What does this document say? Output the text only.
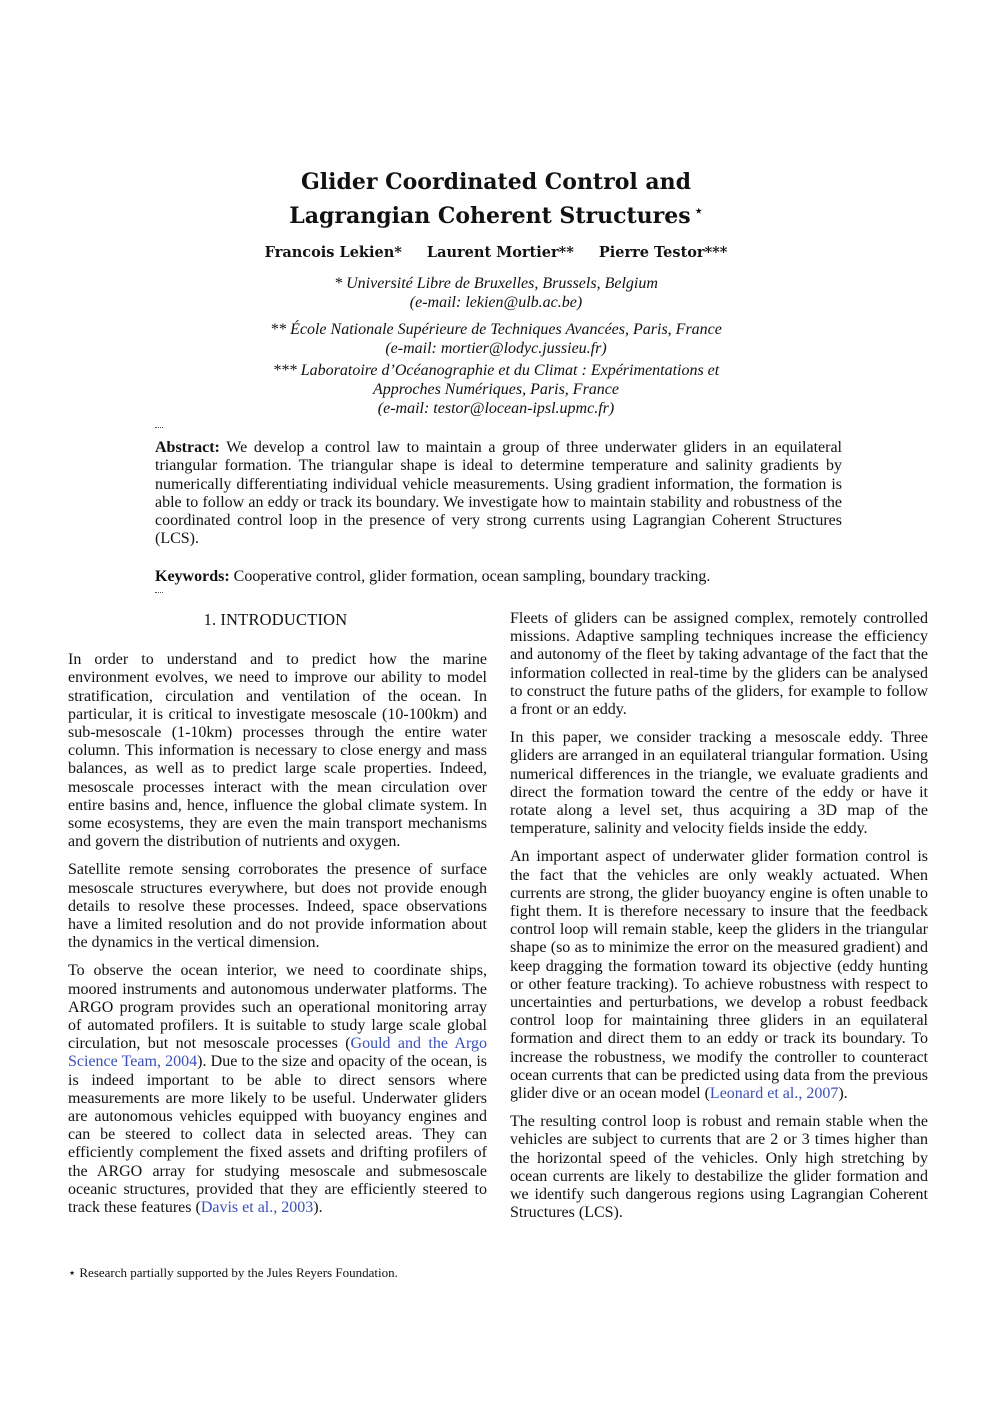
Glider Coordinated Control and
Lagrangian Coherent Structures ⋆
Francois Lekien* Laurent Mortier** Pierre Testor***
* Université Libre de Bruxelles, Brussels, Belgium
(e-mail: lekien@ulb.ac.be)
** École Nationale Supérieure de Techniques Avancées, Paris, France
(e-mail: mortier@lodyc.jussieu.fr)
*** Laboratoire d’Océanographie et du Climat : Expérimentations et
Approches Numériques, Paris, France
(e-mail: testor@locean-ipsl.upmc.fr)
Abstract: We develop a control law to maintain a group of three underwater gliders in an equilateral triangular formation. The triangular shape is ideal to determine temperature and salinity gradients by numerically differentiating individual vehicle measurements. Using gradient information, the formation is able to follow an eddy or track its boundary. We investigate how to maintain stability and robustness of the coordinated control loop in the presence of very strong currents using Lagrangian Coherent Structures (LCS).
Keywords: Cooperative control, glider formation, ocean sampling, boundary tracking.
1. INTRODUCTION

In order to understand and to predict how the marine environment evolves, we need to improve our ability to model stratification, circulation and ventilation of the ocean. In particular, it is critical to investigate mesoscale (10-100km) and sub-mesoscale (1-10km) processes through the entire water column. This information is necessary to close energy and mass balances, as well as to predict large scale properties. Indeed, mesoscale processes interact with the mean circulation over entire basins and, hence, influence the global climate system. In some ecosystems, they are even the main transport mechanisms and govern the distribution of nutrients and oxygen.

Satellite remote sensing corroborates the presence of surface mesoscale structures everywhere, but does not provide enough details to resolve these processes. Indeed, space observations have a limited resolution and do not provide information about the dynamics in the vertical dimension.

To observe the ocean interior, we need to coordinate ships, moored instruments and autonomous underwater platforms. The ARGO program provides such an operational monitoring array of automated profilers. It is suitable to study large scale global circulation, but not mesoscale processes (Gould and the Argo Science Team, 2004). Due to the size and opacity of the ocean, is is indeed important to be able to direct sensors where measurements are more likely to be useful. Underwater gliders are autonomous vehicles equipped with buoyancy engines and can be steered to collect data in selected areas. They can efficiently complement the fixed assets and drifting profilers of the ARGO array for studying mesoscale and submesoscale oceanic structures, provided that they are efficiently steered to track these features (Davis et al., 2003).

⋆ Research partially supported by the Jules Reyers Foundation.

Fleets of gliders can be assigned complex, remotely controlled missions. Adaptive sampling techniques increase the efficiency and autonomy of the fleet by taking advantage of the fact that the information collected in real-time by the gliders can be analysed to construct the future paths of the gliders, for example to follow a front or an eddy.

In this paper, we consider tracking a mesoscale eddy. Three gliders are arranged in an equilateral triangular formation. Using numerical differences in the triangle, we evaluate gradients and direct the formation toward the centre of the eddy or have it rotate along a level set, thus acquiring a 3D map of the temperature, salinity and velocity fields inside the eddy.

An important aspect of underwater glider formation control is the fact that the vehicles are only weakly actuated. When currents are strong, the glider buoyancy engine is often unable to fight them. It is therefore necessary to insure that the feedback control loop will remain stable, keep the gliders in the triangular shape (so as to minimize the error on the measured gradient) and keep dragging the formation toward its objective (eddy hunting or other feature tracking). To achieve robustness with respect to uncertainties and perturbations, we develop a robust feedback control loop for maintaining three gliders in an equilateral formation and direct them to an eddy or track its boundary. To increase the robustness, we modify the controller to counteract ocean currents that can be predicted using data from the previous glider dive or an ocean model (Leonard et al., 2007).

The resulting control loop is robust and remain stable when the vehicles are subject to currents that are 2 or 3 times higher than the horizontal speed of the vehicles. Only high stretching by ocean currents are likely to destabilize the glider formation and we identify such dangerous regions using Lagrangian Coherent Structures (LCS).
